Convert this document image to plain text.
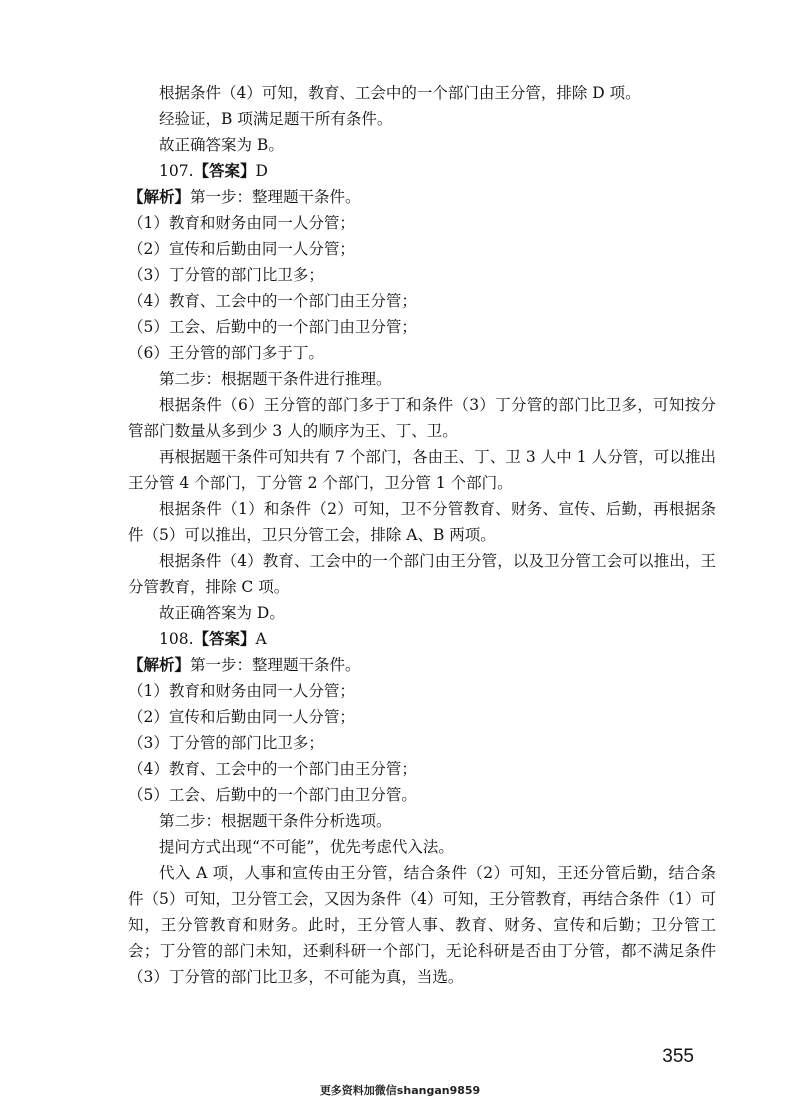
根据条件（4）可知，教育、工会中的一个部门由王分管，排除 D 项。

经验证，B 项满足题干所有条件。

故正确答案为 B。

107.【答案】D

【解析】第一步：整理题干条件。

（1）教育和财务由同一人分管；

（2）宣传和后勤由同一人分管；

（3）丁分管的部门比卫多；

（4）教育、工会中的一个部门由王分管；

（5）工会、后勤中的一个部门由卫分管；

（6）王分管的部门多于丁。

第二步：根据题干条件进行推理。

根据条件（6）王分管的部门多于丁和条件（3）丁分管的部门比卫多，可知按分管部门数量从多到少 3 人的顺序为王、丁、卫。

再根据题干条件可知共有 7 个部门，各由王、丁、卫 3 人中 1 人分管，可以推出王分管 4 个部门，丁分管 2 个部门，卫分管 1 个部门。

根据条件（1）和条件（2）可知，卫不分管教育、财务、宣传、后勤，再根据条件（5）可以推出，卫只分管工会，排除 A、B 两项。

根据条件（4）教育、工会中的一个部门由王分管，以及卫分管工会可以推出，王分管教育，排除 C 项。

故正确答案为 D。

108.【答案】A

【解析】第一步：整理题干条件。

（1）教育和财务由同一人分管；

（2）宣传和后勤由同一人分管；

（3）丁分管的部门比卫多；

（4）教育、工会中的一个部门由王分管；

（5）工会、后勤中的一个部门由卫分管。

第二步：根据题干条件分析选项。

提问方式出现“不可能”，优先考虑代入法。

代入 A 项，人事和宣传由王分管，结合条件（2）可知，王还分管后勤，结合条件（5）可知，卫分管工会，又因为条件（4）可知，王分管教育，再结合条件（1）可知，王分管教育和财务。此时，王分管人事、教育、财务、宣传和后勤；卫分管工会；丁分管的部门未知，还剩科研一个部门，无论科研是否由丁分管，都不满足条件（3）丁分管的部门比卫多，不可能为真，当选。

355
更多资料加微信shangan9859
